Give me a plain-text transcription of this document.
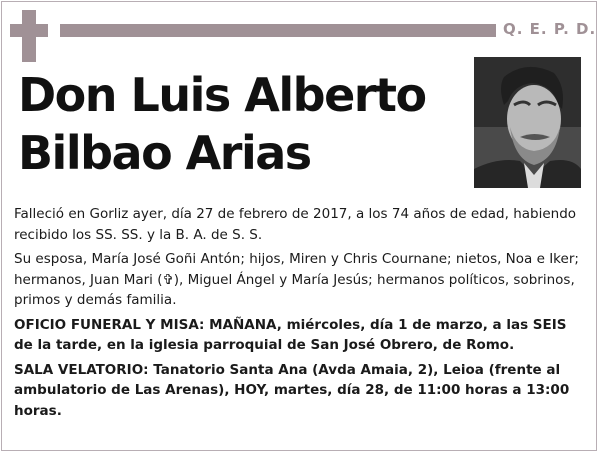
Q. E. P. D.
Don Luis Alberto
Bilbao Arias

Falleció en Gorliz ayer, día 27 de febrero de 2017, a los 74 años de edad, habiendo recibido los SS. SS. y la B. A. de S. S.

Su esposa, María José Goñi Antón; hijos, Miren y Chris Cournane; nietos, Noa e Iker; hermanos, Juan Mari (✞), Miguel Ángel y María Jesús; hermanos políticos, sobrinos, primos y demás familia.

OFICIO FUNERAL Y MISA: MAÑANA, miércoles, día 1 de marzo, a las SEIS de la tarde, en la iglesia parroquial de San José Obrero, de Romo.

SALA VELATORIO: Tanatorio Santa Ana (Avda Amaia, 2), Leioa (frente al ambulatorio de Las Arenas), HOY, martes, día 28, de 11:00 horas a 13:00 horas.
